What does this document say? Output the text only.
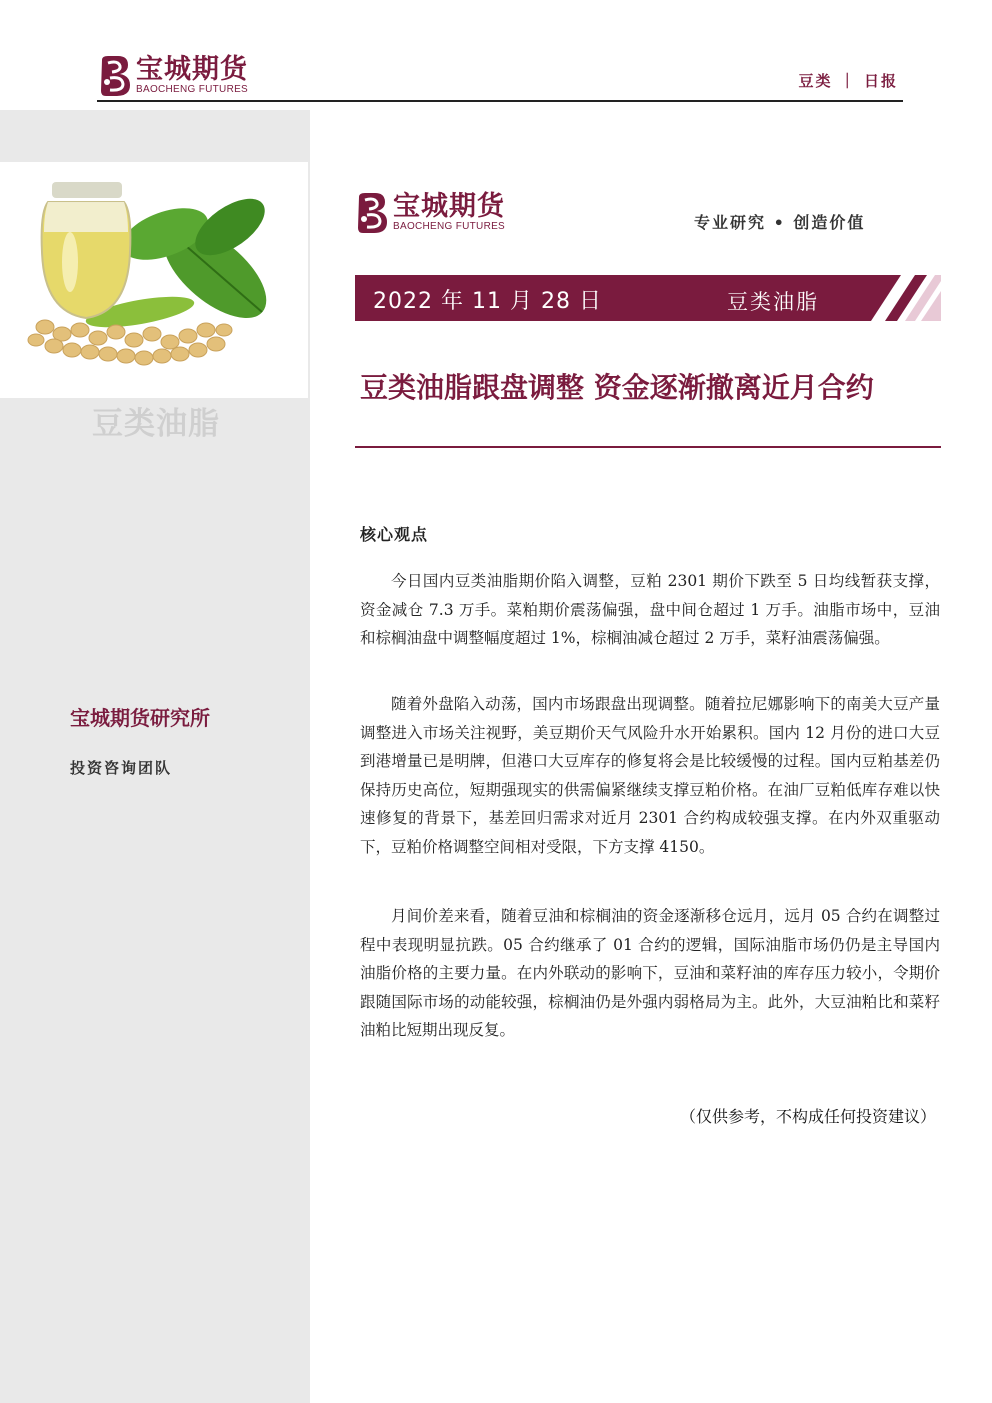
宝城期货
BAOCHENG FUTURES	豆类 ｜ 日报
豆类油脂
宝城期货研究所
投资咨询团队
宝城期货
BAOCHENG FUTURES	专业研究 • 创造价值
2022 年 11 月 28 日	豆类油脂
豆类油脂跟盘调整 资金逐渐撤离近月合约
核心观点

今日国内豆类油脂期价陷入调整，豆粕 2301 期价下跌至 5 日均线暂获支撑，资金减仓 7.3 万手。菜粕期价震荡偏强，盘中间仓超过 1 万手。油脂市场中，豆油和棕榈油盘中调整幅度超过 1%，棕榈油减仓超过 2 万手，菜籽油震荡偏强。

随着外盘陷入动荡，国内市场跟盘出现调整。随着拉尼娜影响下的南美大豆产量调整进入市场关注视野，美豆期价天气风险升水开始累积。国内 12 月份的进口大豆到港增量已是明牌，但港口大豆库存的修复将会是比较缓慢的过程。国内豆粕基差仍保持历史高位，短期强现实的供需偏紧继续支撑豆粕价格。在油厂豆粕低库存难以快速修复的背景下，基差回归需求对近月 2301 合约构成较强支撑。在内外双重驱动下，豆粕价格调整空间相对受限，下方支撑 4150。

月间价差来看，随着豆油和棕榈油的资金逐渐移仓远月，远月 05 合约在调整过程中表现明显抗跌。05 合约继承了 01 合约的逻辑，国际油脂市场仍仍是主导国内油脂价格的主要力量。在内外联动的影响下，豆油和菜籽油的库存压力较小，令期价跟随国际市场的动能较强，棕榈油仍是外强内弱格局为主。此外，大豆油粕比和菜籽油粕比短期出现反复。

（仅供参考，不构成任何投资建议）
